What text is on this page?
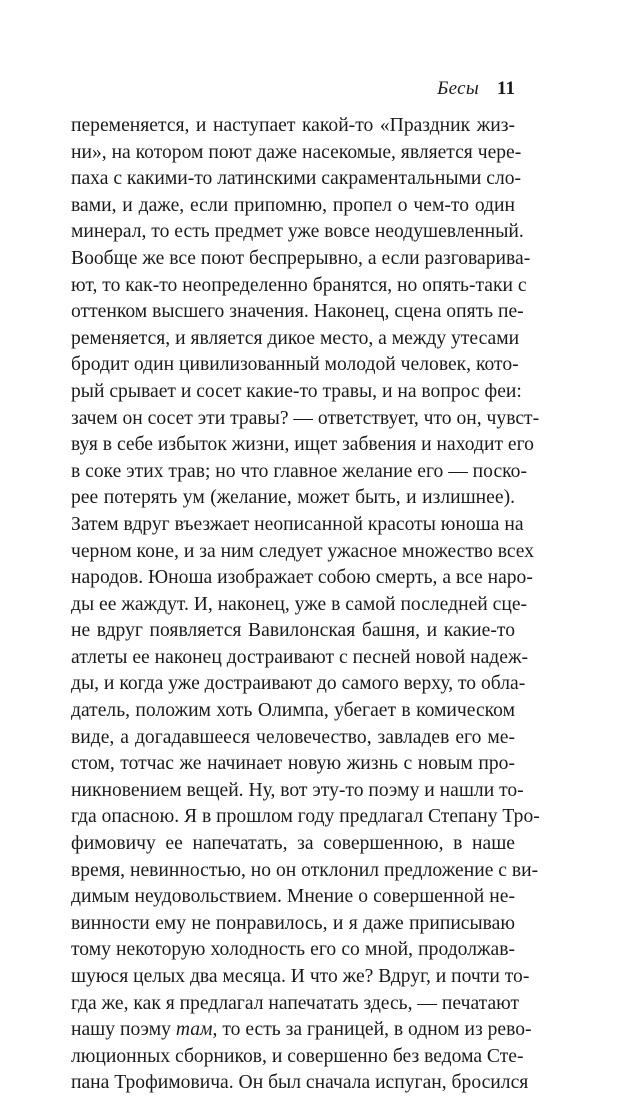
Бесы 11
переменяется, и наступает какой-то «Праздник жиз-
ни», на котором поют даже насекомые, является чере-
паха с какими-то латинскими сакраментальными сло-
вами, и даже, если припомню, пропел о чем-то один
минерал, то есть предмет уже вовсе неодушевленный.
Вообще же все поют беспрерывно, а если разговарива-
ют, то как-то неопределенно бранятся, но опять-таки с
оттенком высшего значения. Наконец, сцена опять пе-
ременяется, и является дикое место, а между утесами
бродит один цивилизованный молодой человек, кото-
рый срывает и сосет какие-то травы, и на вопрос феи:
зачем он сосет эти травы? — ответствует, что он, чувст-
вуя в себе избыток жизни, ищет забвения и находит его
в соке этих трав; но что главное желание его — поско-
рее потерять ум (желание, может быть, и излишнее).
Затем вдруг въезжает неописанной красоты юноша на
черном коне, и за ним следует ужасное множество всех
народов. Юноша изображает собою смерть, а все наро-
ды ее жаждут. И, наконец, уже в самой последней сце-
не вдруг появляется Вавилонская башня, и какие-то
атлеты ее наконец достраивают с песней новой надеж-
ды, и когда уже достраивают до самого верху, то облa-
датель, положим хоть Олимпа, убегает в комическом
виде, а догадавшееся человечество, завладев его ме-
стом, тотчас же начинает новую жизнь с новым про-
никновением вещей. Ну, вот эту-то поэму и нашли то-
гда опасною. Я в прошлом году предлагал Степану Тро-
фимовичу ее напечатать, за совершенною, в наше
время, невинностью, но он отклонил предложение с ви-
димым неудовольствием. Мнение о совершенной не-
винности ему не понравилось, и я даже приписываю
тому некоторую холодность его со мной, продолжав-
шуюся целых два месяца. И что же? Вдруг, и почти то-
гда же, как я предлагал напечатать здесь, — печатают
нашу поэму там, то есть за границей, в одном из рево-
люционных сборников, и совершенно без ведома Сте-
пана Трофимовича. Он был сначала испуган, бросился
